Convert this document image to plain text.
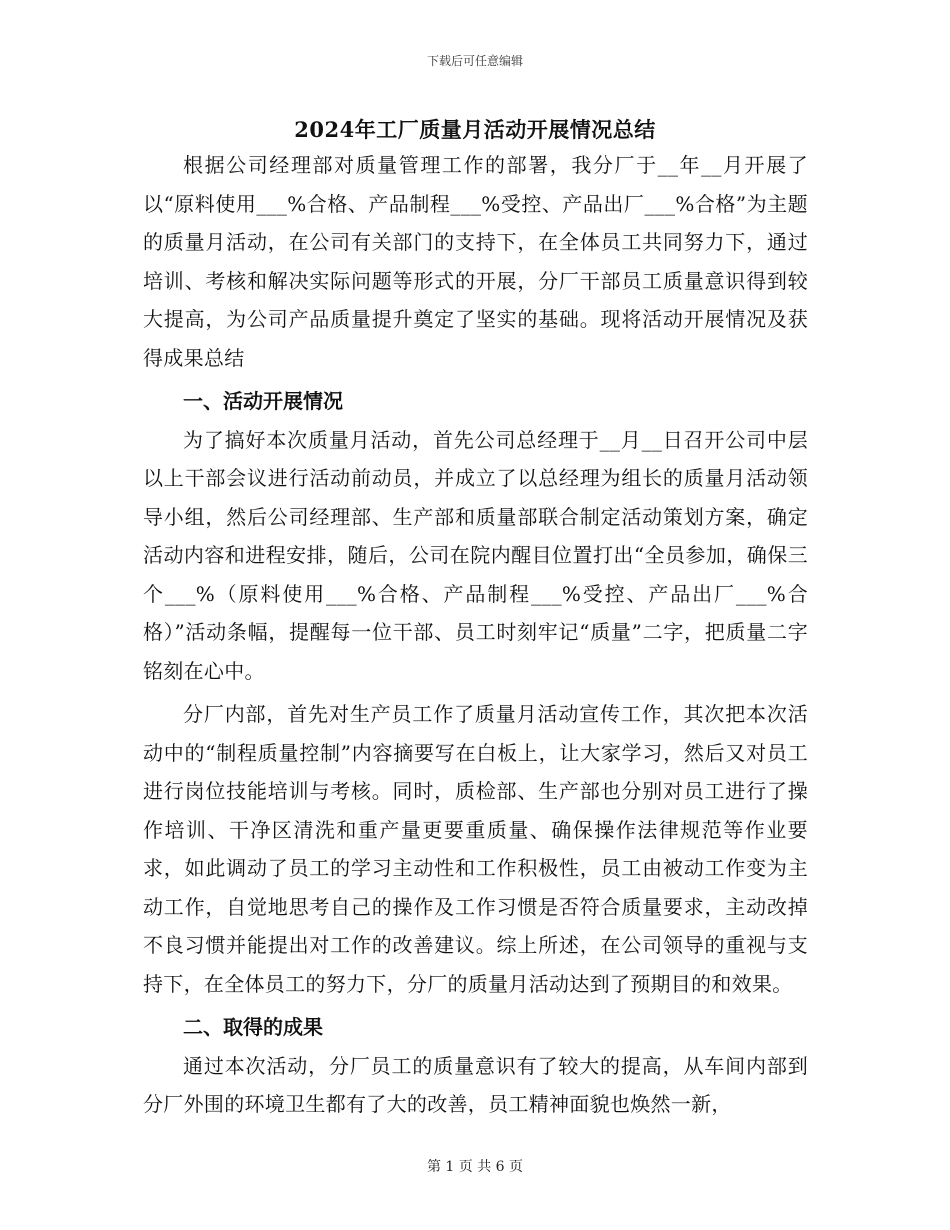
下载后可任意编辑
2024年工厂质量月活动开展情况总结

根据公司经理部对质量管理工作的部署，我分厂于__年__月开展了以“原料使用___%合格、产品制程___%受控、产品出厂___%合格”为主题的质量月活动，在公司有关部门的支持下，在全体员工共同努力下，通过培训、考核和解决实际问题等形式的开展，分厂干部员工质量意识得到较大提高，为公司产品质量提升奠定了坚实的基础。现将活动开展情况及获得成果总结

一、活动开展情况

为了搞好本次质量月活动，首先公司总经理于__月__日召开公司中层以上干部会议进行活动前动员，并成立了以总经理为组长的质量月活动领导小组，然后公司经理部、生产部和质量部联合制定活动策划方案，确定活动内容和进程安排，随后，公司在院内醒目位置打出“全员参加，确保三个___%（原料使用___%合格、产品制程___%受控、产品出厂___%合格）”活动条幅，提醒每一位干部、员工时刻牢记“质量”二字，把质量二字铭刻在心中。

分厂内部，首先对生产员工作了质量月活动宣传工作，其次把本次活动中的“制程质量控制”内容摘要写在白板上，让大家学习，然后又对员工进行岗位技能培训与考核。同时，质检部、生产部也分别对员工进行了操作培训、干净区清洗和重产量更要重质量、确保操作法律规范等作业要求，如此调动了员工的学习主动性和工作积极性，员工由被动工作变为主动工作，自觉地思考自己的操作及工作习惯是否符合质量要求，主动改掉不良习惯并能提出对工作的改善建议。综上所述，在公司领导的重视与支持下，在全体员工的努力下，分厂的质量月活动达到了预期目的和效果。

二、取得的成果

通过本次活动，分厂员工的质量意识有了较大的提高，从车间内部到分厂外围的环境卫生都有了大的改善，员工精神面貌也焕然一新，

第 1 页 共 6 页
